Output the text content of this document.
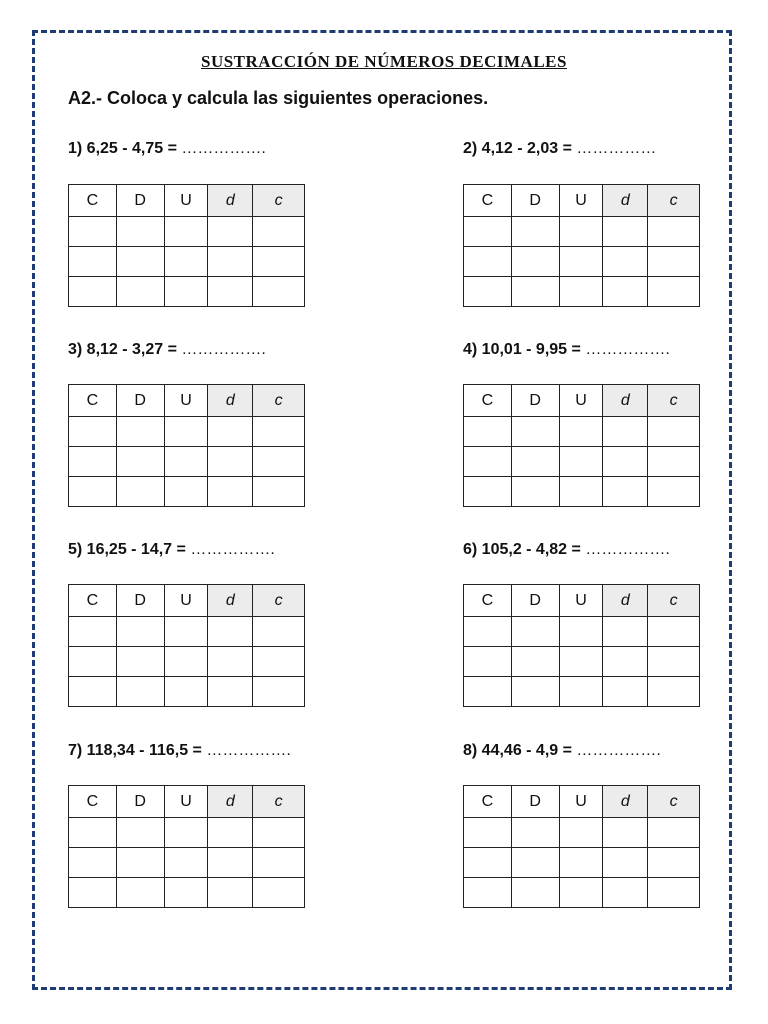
SUSTRACCIÓN DE NÚMEROS DECIMALES
A2.- Coloca y calcula las siguientes operaciones.
1) 6,25 - 4,75 = …………….	2) 4,12 - 2,03 = ……………
3) 8,12 - 3,27 = …………….	4) 10,01 - 9,95 = …………….
5) 16,25 - 14,7 = …………….	6) 105,2 - 4,82 = …………….
7) 118,34 - 116,5 = …………….	8) 44,46 - 4,9 = …………….
C	D	U	d	c

					C	D	U	d	c

C	D	U	d	c

					C	D	U	d	c

C	D	U	d	c

					C	D	U	d	c

C	D	U	d	c

					C	D	U	d	c
